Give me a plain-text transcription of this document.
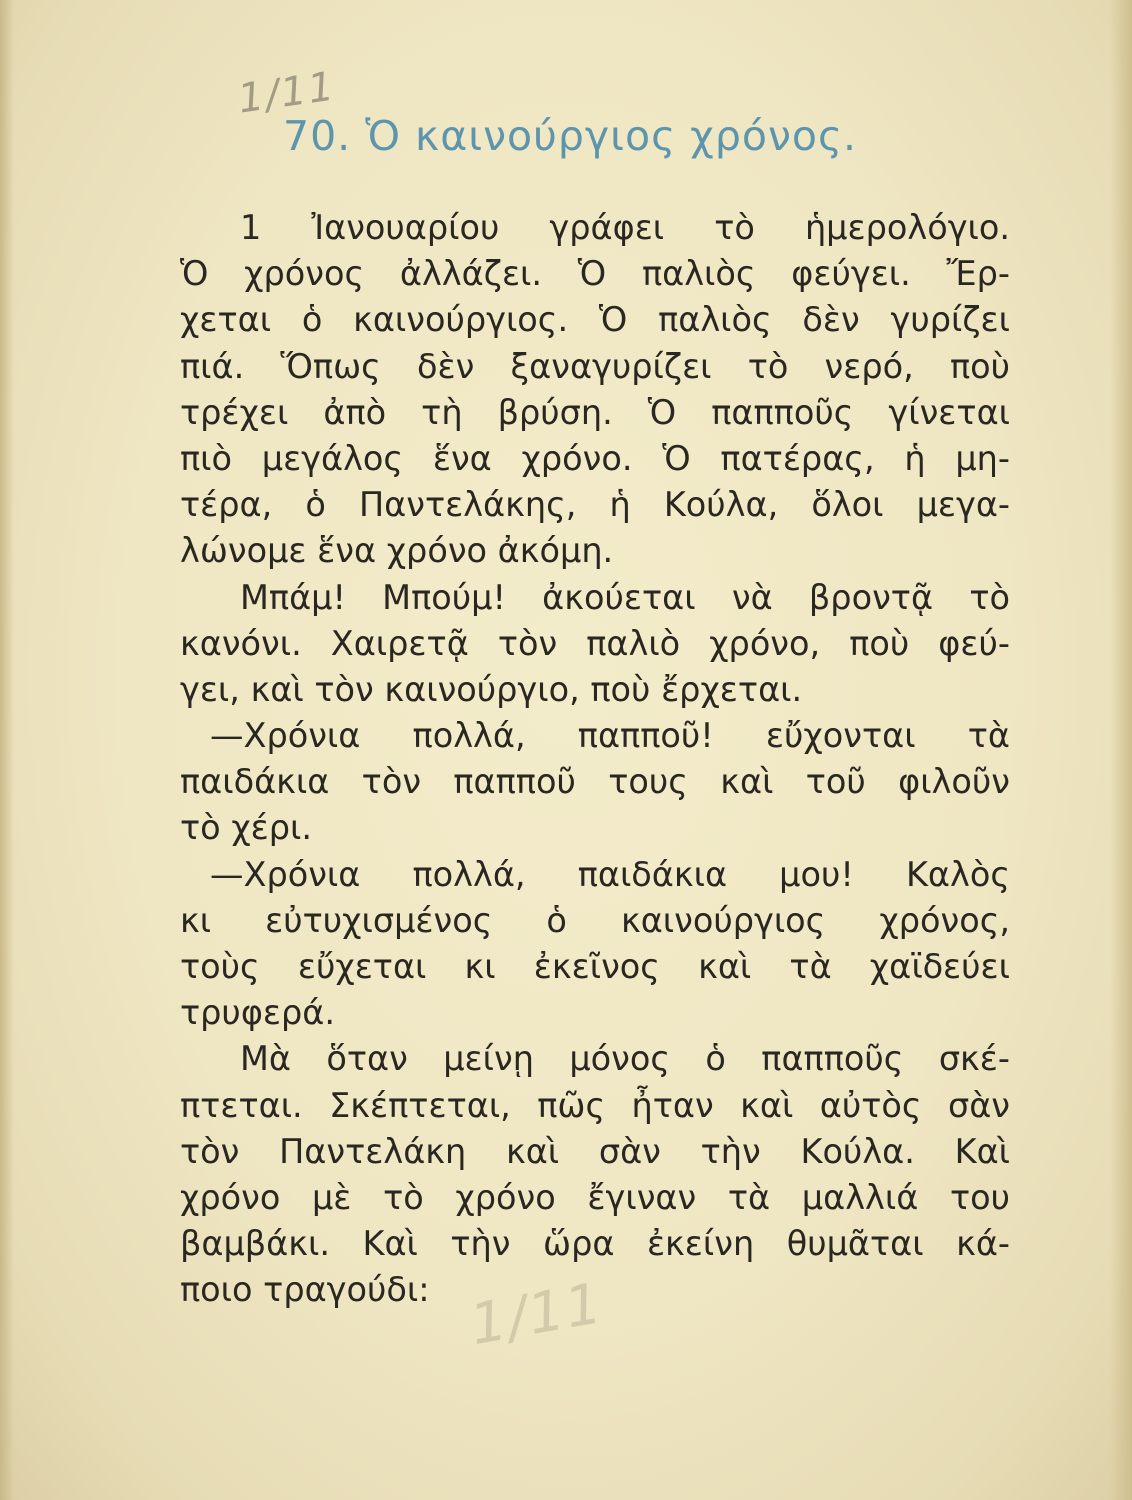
1/11
70. Ὁ καινούργιος χρόνος.
1 Ἰανουαρίου γράφει τὸ ἡμερολόγιο.
Ὁ χρόνος ἀλλάζει. Ὁ παλιὸς φεύγει. Ἔρ-
χεται ὁ καινούργιος. Ὁ παλιὸς δὲν γυρίζει
πιά. Ὅπως δὲν ξαναγυρίζει τὸ νερό, ποὺ
τρέχει ἀπὸ τὴ βρύση. Ὁ παπποῦς γίνεται
πιὸ μεγάλος ἕνα χρόνο. Ὁ πατέρας, ἡ μη-
τέρα, ὁ Παντελάκης, ἡ Κούλα, ὅλοι μεγα-
λώνομε ἕνα χρόνο ἀκόμη.
Μπάμ! Μπούμ! ἀκούεται νὰ βροντᾷ τὸ
κανόνι. Χαιρετᾷ τὸν παλιὸ χρόνο, ποὺ φεύ-
γει, καὶ τὸν καινούργιο, ποὺ ἔρχεται.
—Χρόνια πολλά, παπποῦ! εὔχονται τὰ
παιδάκια τὸν παπποῦ τους καὶ τοῦ φιλοῦν
τὸ χέρι.
—Χρόνια πολλά, παιδάκια μου! Καλὸς
κι εὐτυχισμένος ὁ καινούργιος χρόνος,
τοὺς εὔχεται κι ἐκεῖνος καὶ τὰ χαϊδεύει
τρυφερά.
Μὰ ὅταν μείνῃ μόνος ὁ παπποῦς σκέ-
πτεται. Σκέπτεται, πῶς ἦταν καὶ αὐτὸς σὰν
τὸν Παντελάκη καὶ σὰν τὴν Κούλα. Καὶ
χρόνο μὲ τὸ χρόνο ἔγιναν τὰ μαλλιά του
βαμβάκι. Καὶ τὴν ὥρα ἐκείνη θυμᾶται κά-
ποιο τραγούδι: 1/11
